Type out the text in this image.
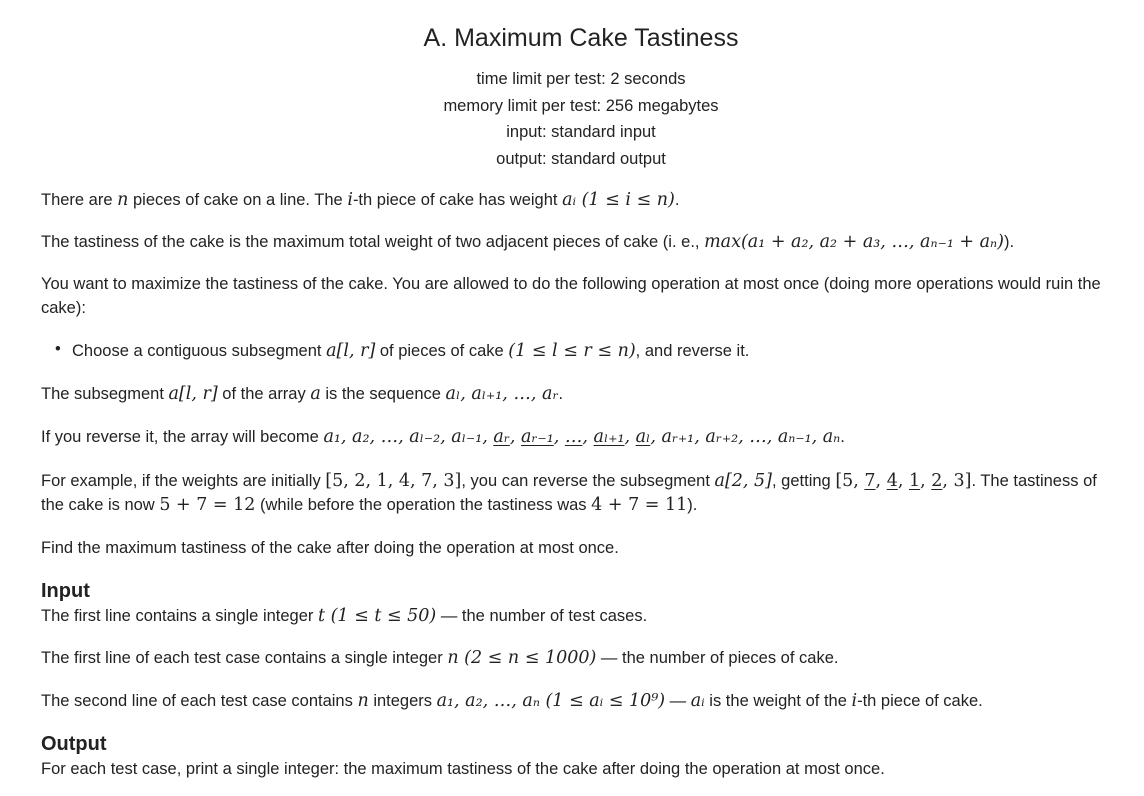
A. Maximum Cake Tastiness
time limit per test: 2 seconds
memory limit per test: 256 megabytes
input: standard input
output: standard output
There are n pieces of cake on a line. The i-th piece of cake has weight aᵢ (1 ≤ i ≤ n).
The tastiness of the cake is the maximum total weight of two adjacent pieces of cake (i. e., max(a₁ + a₂, a₂ + a₃, …, aₙ₋₁ + aₙ)).
You want to maximize the tastiness of the cake. You are allowed to do the following operation at most once (doing more operations would ruin the cake):
• Choose a contiguous subsegment a[l, r] of pieces of cake (1 ≤ l ≤ r ≤ n), and reverse it.
The subsegment a[l, r] of the array a is the sequence aₗ, aₗ₊₁, …, aᵣ.
If you reverse it, the array will become a₁, a₂, …, aₗ₋₂, aₗ₋₁, aᵣ, aᵣ₋₁, …, aₗ₊₁, aₗ, aᵣ₊₁, aᵣ₊₂, …, aₙ₋₁, aₙ.
For example, if the weights are initially [5, 2, 1, 4, 7, 3], you can reverse the subsegment a[2, 5], getting [5, 7, 4, 1, 2, 3]. The tastiness of the cake is now 5 + 7 = 12 (while before the operation the tastiness was 4 + 7 = 11).
Find the maximum tastiness of the cake after doing the operation at most once.
Input
The first line contains a single integer t (1 ≤ t ≤ 50) — the number of test cases.
The first line of each test case contains a single integer n (2 ≤ n ≤ 1000) — the number of pieces of cake.
The second line of each test case contains n integers a₁, a₂, …, aₙ (1 ≤ aᵢ ≤ 10⁹) — aᵢ is the weight of the i-th piece of cake.
Output
For each test case, print a single integer: the maximum tastiness of the cake after doing the operation at most once.
